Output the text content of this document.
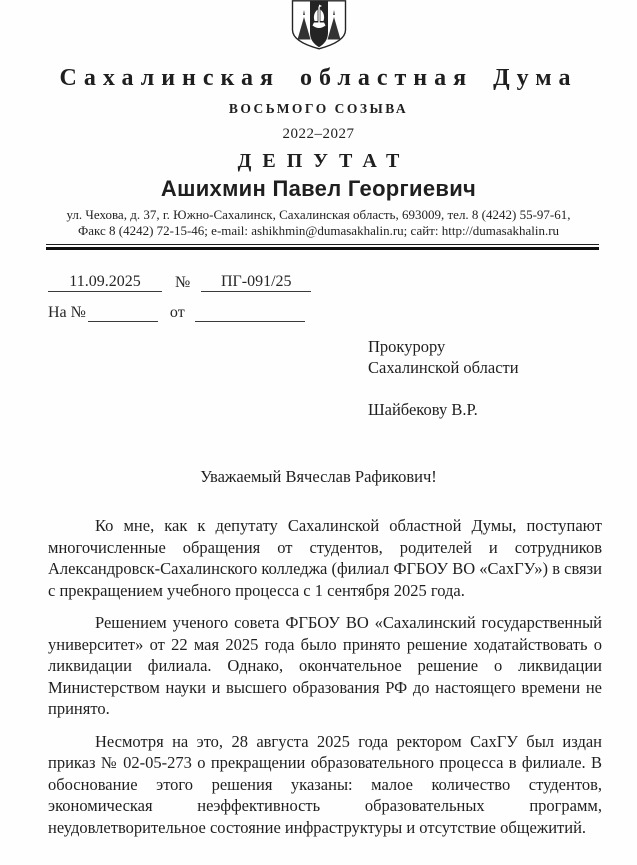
Сахалинская областная Дума
ВОСЬМОГО СОЗЫВА
2022–2027
ДЕПУТАТ
Ашихмин Павел Георгиевич
ул. Чехова, д. 37, г. Южно-Сахалинск, Сахалинская область, 693009, тел. 8 (4242) 55-97-61,
Факс 8 (4242) 72-15-46; e-mail: ashikhmin@dumasakhalin.ru; сайт: http://dumasakhalin.ru
11.09.2025	№	ПГ-091/25
На №	от
Прокурору
Сахалинской области
Шайбекову В.Р.
Уважаемый Вячеслав Рафикович!

Ко мне, как к депутату Сахалинской областной Думы, поступают многочисленные обращения от студентов, родителей и сотрудников Александровск-Сахалинского колледжа (филиал ФГБОУ ВО «СахГУ») в связи с прекращением учебного процесса с 1 сентября 2025 года.

Решением ученого совета ФГБОУ ВО «Сахалинский государственный университет» от 22 мая 2025 года было принято решение ходатайствовать о ликвидации филиала. Однако, окончательное решение о ликвидации Министерством науки и высшего образования РФ до настоящего времени не принято.

Несмотря на это, 28 августа 2025 года ректором СахГУ был издан приказ № 02-05-273 о прекращении образовательного процесса в филиале. В обоснование этого решения указаны: малое количество студентов, экономическая неэффективность образовательных программ, неудовлетворительное состояние инфраструктуры и отсутствие общежитий.
